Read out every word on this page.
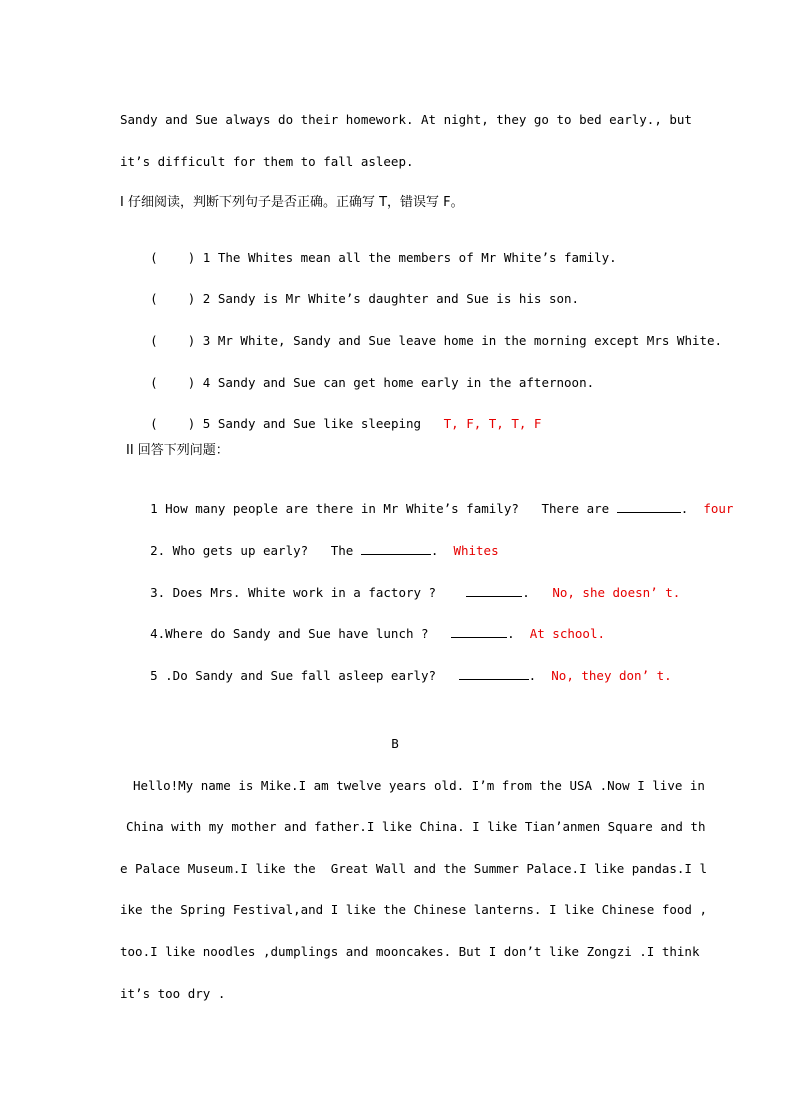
Sandy and Sue always do their homework. At night, they go to bed early., but
it’s difficult for them to fall asleep.
I 仔细阅读，判断下列句子是否正确。正确写 T，错误写 F。

(    ) 1 The Whites mean all the members of Mr White’s family.

(    ) 2 Sandy is Mr White’s daughter and Sue is his son.

(    ) 3 Mr White, Sandy and Sue leave home in the morning except Mrs White.

(    ) 4 Sandy and Sue can get home early in the afternoon.

(    ) 5 Sandy and Sue like sleeping T, F, T, T, F

II 回答下列问题：

1 How many people are there in Mr White’s family? There are	. four

2. Who gets up early? The	. Whites

3. Does Mrs. White work in a factory ?	. No, she doesn’ t.

4.Where do Sandy and Sue have lunch ?	. At school.

5 .Do Sandy and Sue fall asleep early?	. No, they don’ t.

B
Hello!My name is Mike.I am twelve years old. I’m from the USA .Now I live in
China with my mother and father.I like China. I like Tian’anmen Square and th
e Palace Museum.I like the  Great Wall and the Summer Palace.I like pandas.I l
ike the Spring Festival,and I like the Chinese lanterns. I like Chinese food ,
too.I like noodles ,dumplings and mooncakes. But I don’t like Zongzi .I think
it’s too dry .
